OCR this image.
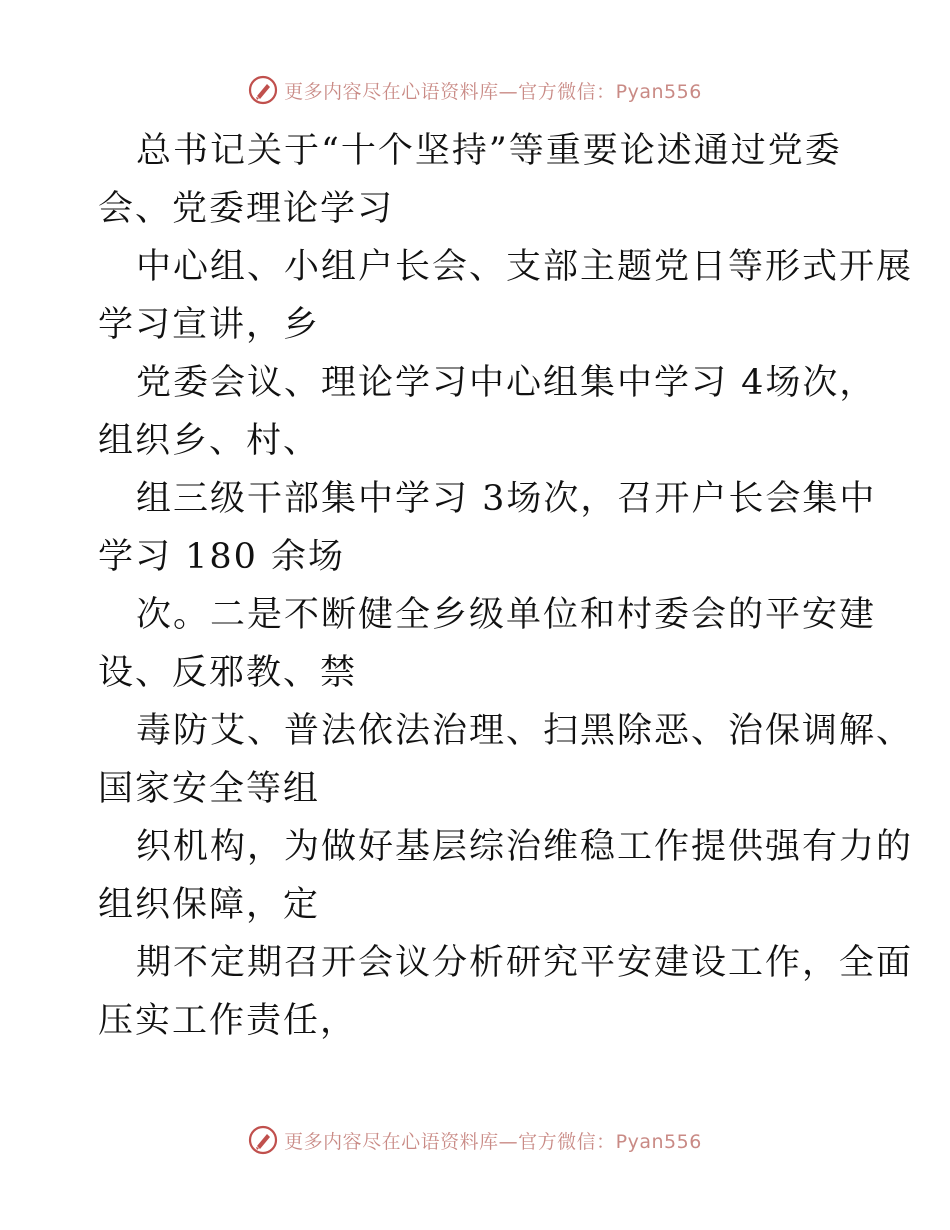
更多内容尽在心语资料库—官方微信：Pyan556
总书记关于“十个坚持”等重要论述通过党委
会、党委理论学习
中心组、小组户长会、支部主题党日等形式开展
学习宣讲，乡
党委会议、理论学习中心组集中学习 4场次，
组织乡、村、
组三级干部集中学习 3场次，召开户长会集中
学习 180 余场
次。二是不断健全乡级单位和村委会的平安建
设、反邪教、禁
毒防艾、普法依法治理、扫黑除恶、治保调解、
国家安全等组
织机构，为做好基层综治维稳工作提供强有力的
组织保障，定
期不定期召开会议分析研究平安建设工作，全面
压实工作责任，
更多内容尽在心语资料库—官方微信：Pyan556
